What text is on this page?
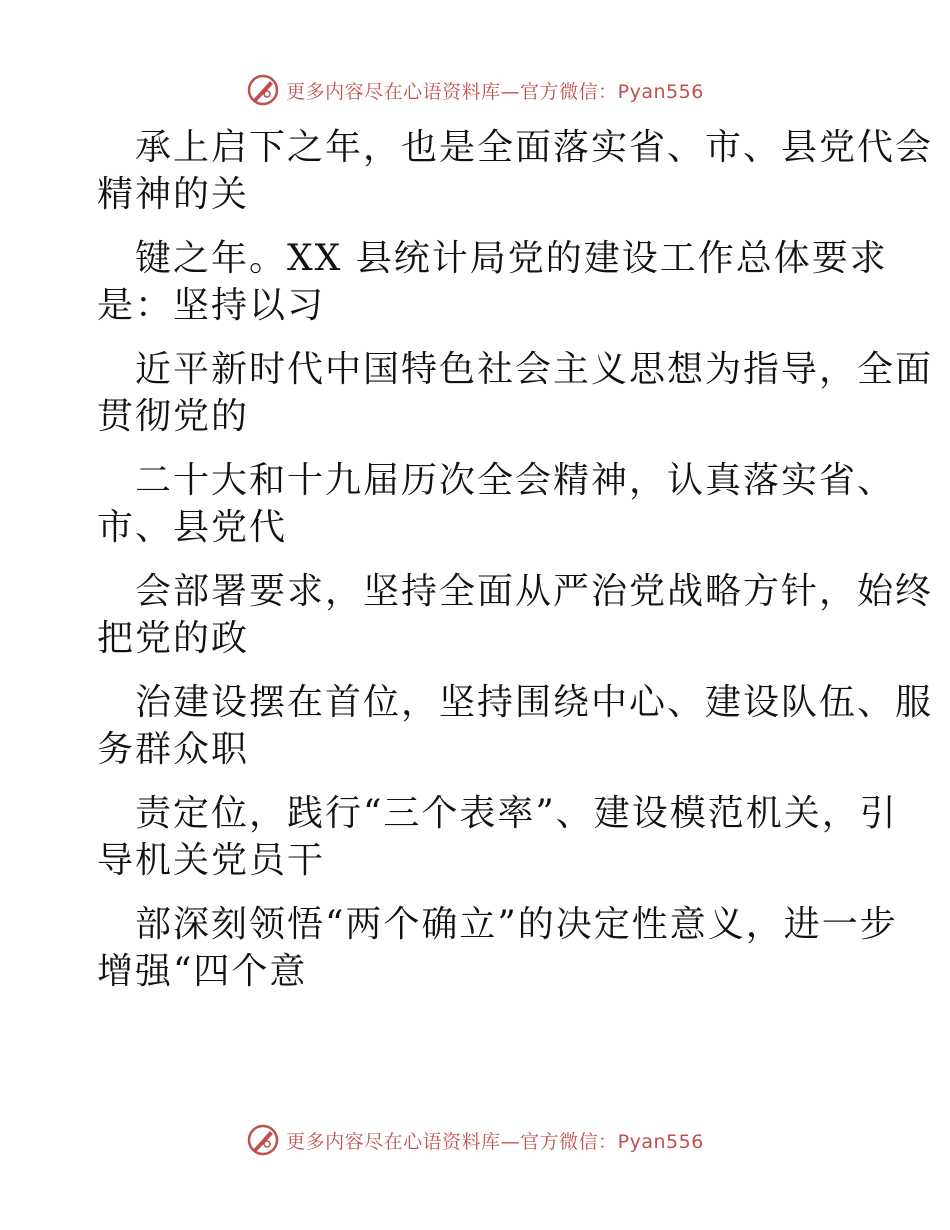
更多内容尽在心语资料库—官方微信：Pyan556
承上启下之年，也是全面落实省、市、县党代会
精神的关
键之年。XX 县统计局党的建设工作总体要求
是：坚持以习
近平新时代中国特色社会主义思想为指导，全面
贯彻党的
二十大和十九届历次全会精神，认真落实省、
市、县党代
会部署要求，坚持全面从严治党战略方针，始终
把党的政
治建设摆在首位，坚持围绕中心、建设队伍、服
务群众职
责定位，践行“三个表率”、建设模范机关，引
导机关党员干
部深刻领悟“两个确立”的决定性意义，进一步
增强“四个意
更多内容尽在心语资料库—官方微信：Pyan556
